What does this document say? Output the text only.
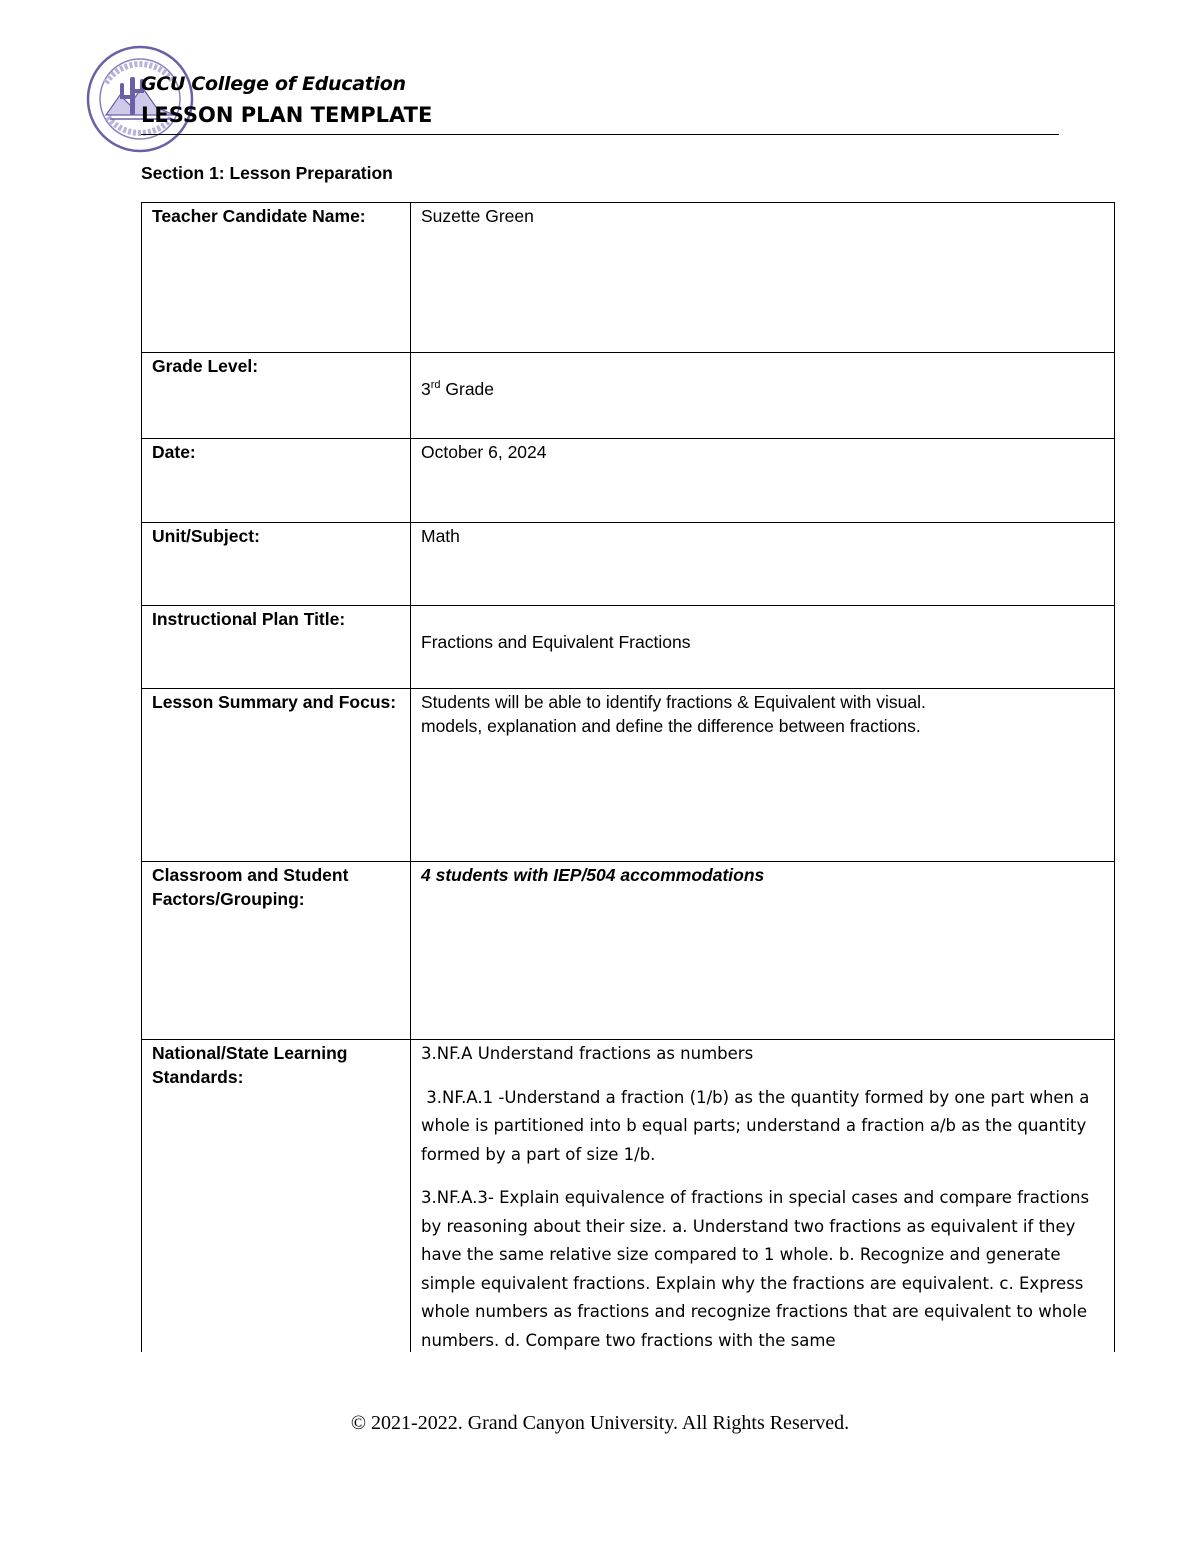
GCU College of Education
LESSON PLAN TEMPLATE
Section 1: Lesson Preparation
Teacher Candidate Name:	Suzette Green
Grade Level:	3rd Grade

Date:	October 6, 2024
Unit/Subject:	Math
Instructional Plan Title:	Fractions and Equivalent Fractions

Lesson Summary and Focus:	Students will be able to identify fractions & Equivalent with visual.
models, explanation and define the difference between fractions.

Classroom and Student Factors/Grouping:	4 students with IEP/504 accommodations
National/State Learning Standards:	3.NF.A Understand fractions as numbers

3.NF.A.1 -Understand a fraction (1/b) as the quantity formed by one part when a whole is partitioned into b equal parts; understand a fraction a/b as the quantity formed by a part of size 1/b.

3.NF.A.3- Explain equivalence of fractions in special cases and compare fractions by reasoning about their size. a. Understand two fractions as equivalent if they have the same relative size compared to 1 whole. b. Recognize and generate simple equivalent fractions. Explain why the fractions are equivalent. c. Express whole numbers as fractions and recognize fractions that are equivalent to whole numbers. d. Compare two fractions with the same

© 2021-2022. Grand Canyon University. All Rights Reserved.
